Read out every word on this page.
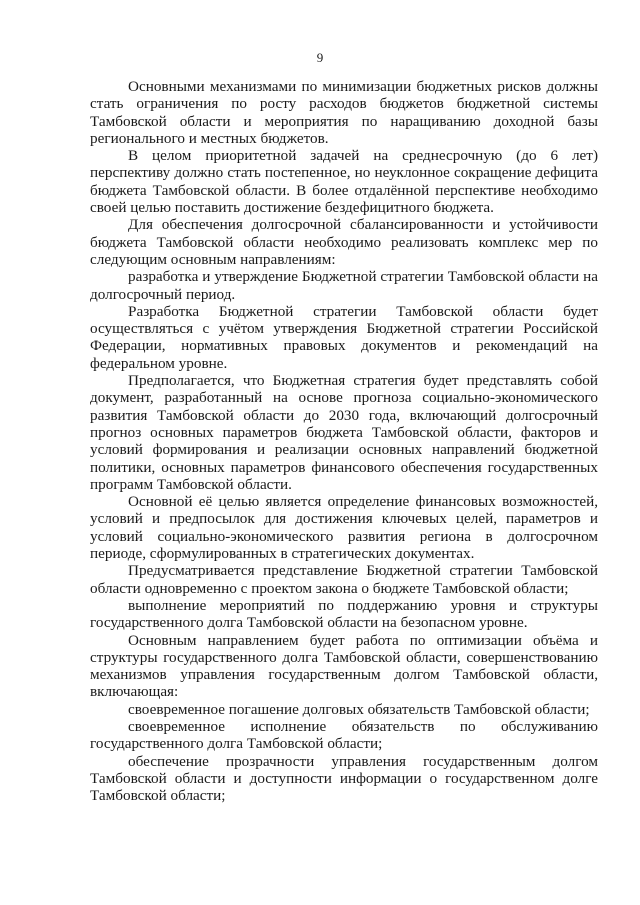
9

Основными механизмами по минимизации бюджетных рисков должны стать ограничения по росту расходов бюджетов бюджетной системы Тамбовской области и мероприятия по наращиванию доходной базы регионального и местных бюджетов.

В целом приоритетной задачей на среднесрочную (до 6 лет) перспективу должно стать постепенное, но неуклонное сокращение дефицита бюджета Тамбовской области. В более отдалённой перспективе необходимо своей целью поставить достижение бездефицитного бюджета.

Для обеспечения долгосрочной сбалансированности и устойчивости бюджета Тамбовской области необходимо реализовать комплекс мер по следующим основным направлениям:

разработка и утверждение Бюджетной стратегии Тамбовской области на долгосрочный период.

Разработка Бюджетной стратегии Тамбовской области будет осуществляться с учётом утверждения Бюджетной стратегии Российской Федерации, нормативных правовых документов и рекомендаций на федеральном уровне.

Предполагается, что Бюджетная стратегия будет представлять собой документ, разработанный на основе прогноза социально-экономического развития Тамбовской области до 2030 года, включающий долгосрочный прогноз основных параметров бюджета Тамбовской области, факторов и условий формирования и реализации основных направлений бюджетной политики, основных параметров финансового обеспечения государственных программ Тамбовской области.

Основной её целью является определение финансовых возможностей, условий и предпосылок для достижения ключевых целей, параметров и условий социально-экономического развития региона в долгосрочном периоде, сформулированных в стратегических документах.

Предусматривается представление Бюджетной стратегии Тамбовской области одновременно с проектом закона о бюджете Тамбовской области;

выполнение мероприятий по поддержанию уровня и структуры государственного долга Тамбовской области на безопасном уровне.

Основным направлением будет работа по оптимизации объёма и структуры государственного долга Тамбовской области, совершенствованию механизмов управления государственным долгом Тамбовской области, включающая:

своевременное погашение долговых обязательств Тамбовской области;

своевременное исполнение обязательств по обслуживанию государственного долга Тамбовской области;

обеспечение прозрачности управления государственным долгом Тамбовской области и доступности информации о государственном долге Тамбовской области;
